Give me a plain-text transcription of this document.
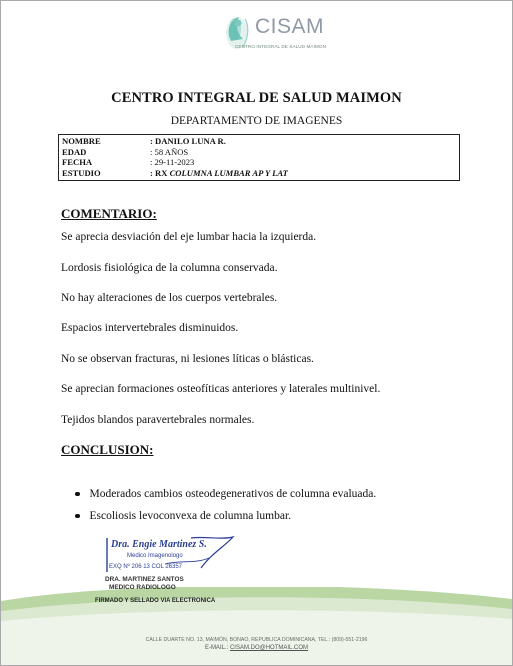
CISAM
CENTRO INTEGRAL DE SALUD MAIMON
CENTRO INTEGRAL DE SALUD MAIMON
DEPARTAMENTO DE IMAGENES
NOMBRE	: DANILO LUNA R.
EDAD	: 58 AÑOS
FECHA	: 29-11-2023
ESTUDIO	: RX COLUMNA LUMBAR AP Y LAT
COMENTARIO:
Se aprecia desviación del eje lumbar hacia la izquierda.
Lordosis fisiológica de la columna conservada.
No hay alteraciones de los cuerpos vertebrales.
Espacios intervertebrales disminuidos.
No se observan fracturas, ni lesiones líticas o blásticas.
Se aprecian formaciones osteofíticas anteriores y laterales multinivel.
Tejidos blandos paravertebrales normales.
CONCLUSION:
Moderados cambios osteodegenerativos de columna evaluada.
Escoliosis levoconvexa de columna lumbar.
Dra. Engie Martinez S.
Medico Imagenologo
EXQ Nº 206 13 COL 26357
DRA. MARTINEZ SANTOS
MEDICO RADIOLOGO
FIRMADO Y SELLADO VIA ELECTRONICA
CALLE DUARTE NO. 13, MAIMÓN, BONAO, REPUBLICA DOMINICANA, TEL.: (809)-551-2196
E-MAIL.: CISAM.DO@HOTMAIL.COM
